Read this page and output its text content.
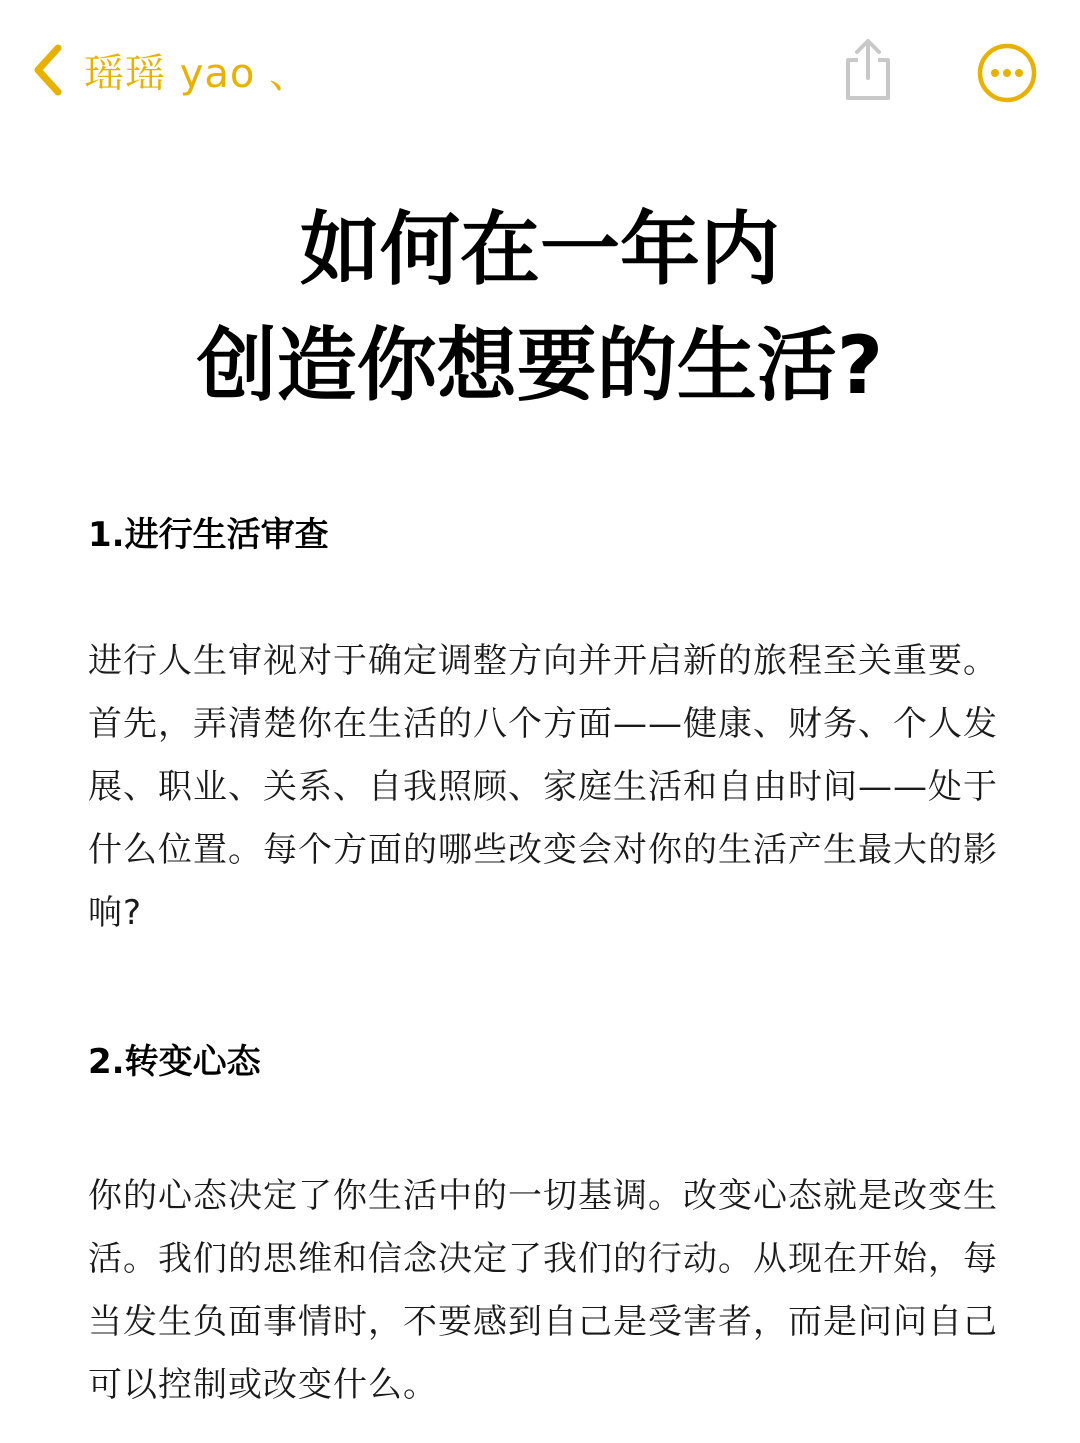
瑶瑶 yao 、
如何在一年内
创造你想要的生活?

1.进行生活审查

进行人生审视对于确定调整方向并开启新的旅程至关重要。首先，弄清楚你在生活的八个方面——健康、财务、个人发展、职业、关系、自我照顾、家庭生活和自由时间——处于什么位置。每个方面的哪些改变会对你的生活产生最大的影响?

2.转变心态

你的心态决定了你生活中的一切基调。改变心态就是改变生活。我们的思维和信念决定了我们的行动。从现在开始，每当发生负面事情时，不要感到自己是受害者，而是问问自己可以控制或改变什么。
